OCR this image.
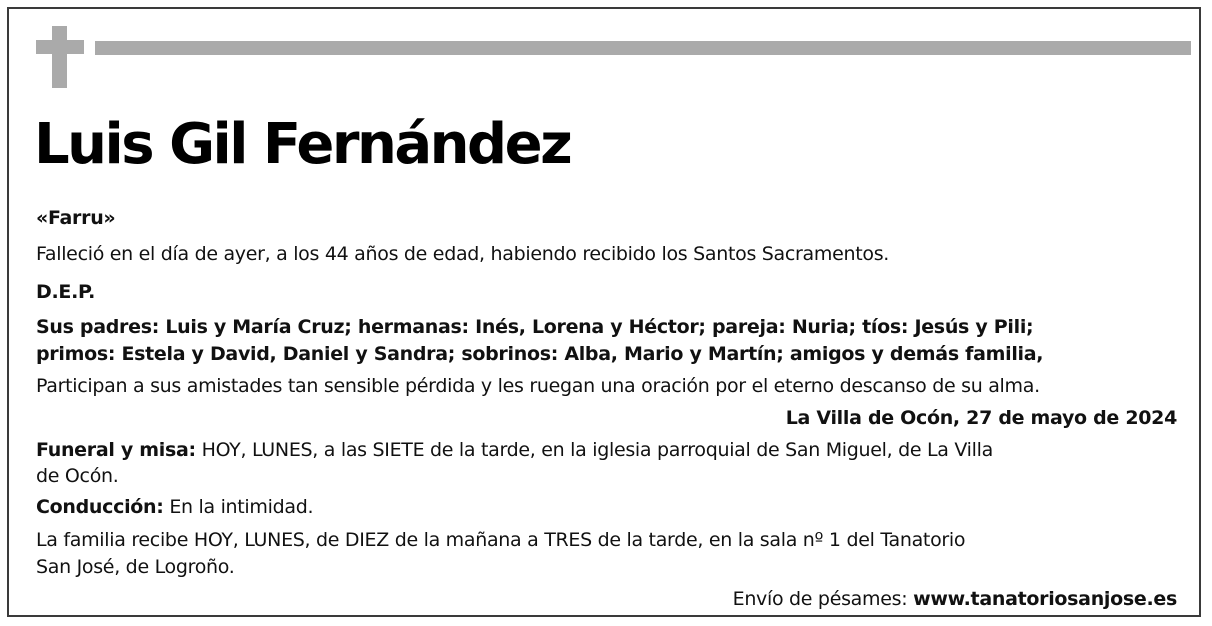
Luis Gil Fernández

«Farru»

Falleció en el día de ayer, a los 44 años de edad, habiendo recibido los Santos Sacramentos.

D.E.P.

Sus padres: Luis y María Cruz; hermanas: Inés, Lorena y Héctor; pareja: Nuria; tíos: Jesús y Pili;

primos: Estela y David, Daniel y Sandra; sobrinos: Alba, Mario y Martín; amigos y demás familia,

Participan a sus amistades tan sensible pérdida y les ruegan una oración por el eterno descanso de su alma.

La Villa de Ocón, 27 de mayo de 2024

Funeral y misa: HOY, LUNES, a las SIETE de la tarde, en la iglesia parroquial de San Miguel, de La Villa

de Ocón.

Conducción: En la intimidad.

La familia recibe HOY, LUNES, de DIEZ de la mañana a TRES de la tarde, en la sala nº 1 del Tanatorio

San José, de Logroño.

Envío de pésames: www.tanatoriosanjose.es
